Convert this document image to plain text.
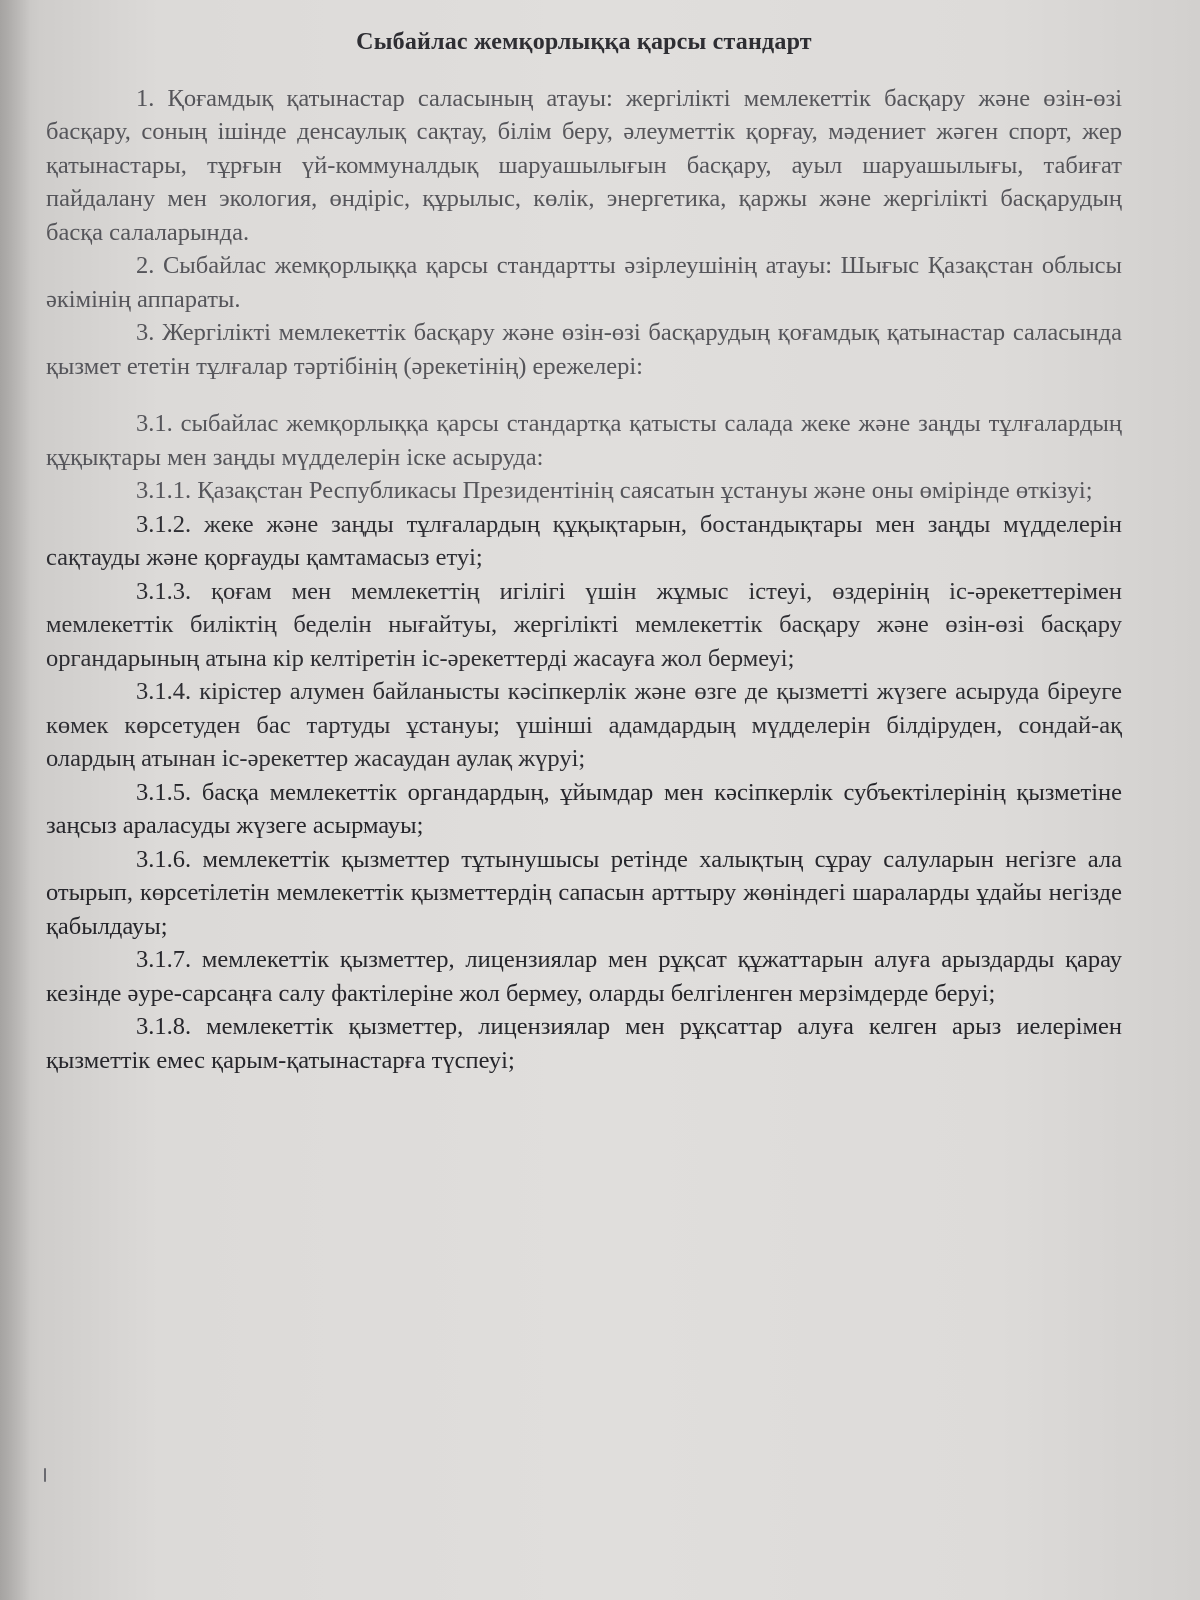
Сыбайлас жемқорлыққа қарсы стандарт

1. Қоғамдық қатынастар саласының атауы: жергілікті мемлекеттік басқару және өзін-өзі басқару, соның ішінде денсаулық сақтау, білім беру, әлеуметтік қорғау, мәдениет жәгeн спорт, жер қатынастары, тұрғын үй-коммуналдық шаруашылығын басқару, ауыл шаруашылығы, табиғат пайдалану мен экология, өндіріс, құрылыс, көлік, энергетика, қаржы және жергілікті басқарудың басқа салаларында.

2. Сыбайлас жемқорлыққа қарсы стандартты әзірлеушінің атауы: Шығыс Қазақстан облысы әкімінің аппараты.

3. Жергілікті мемлекеттік басқару және өзін-өзі басқарудың қоғамдық қатынастар саласында қызмет ететін тұлғалар тәртібінің (әрекетінің) ережелері:

3.1. сыбайлас жемқорлыққа қарсы стандартқа қатысты салада жеке және заңды тұлғалардың құқықтары мен заңды мүдделерін іске асыруда:

3.1.1. Қазақстан Республикасы Президентінің саясатын ұстануы және оны өмірінде өткізуі;

3.1.2. жеке және заңды тұлғалардың құқықтарын, бостандықтары мен заңды мүдделерін сақтауды және қорғауды қамтамасыз етуі;

3.1.3. қоғам мен мемлекеттің игілігі үшін жұмыс істеуі, өздерінің іс-әрекеттерімен мемлекеттік биліктің беделін нығайтуы, жергілікті мемлекеттік басқару және өзін-өзі басқару органдарының атына кір келтіретін іс-әрекеттерді жасауға жол бермеуі;

3.1.4. кірістер алумен байланысты кәсіпкерлік және өзге де қызметті жүзеге асыруда біреуге көмек көрсетуден бас тартуды ұстануы; үшінші адамдардың мүдделерін білдіруден, сондай-ақ олардың атынан іс-әрекеттер жасаудан аулақ жүруі;

3.1.5. басқа мемлекеттік органдардың, ұйымдар мен кәсіпкерлік субъектілерінің қызметіне заңсыз араласуды жүзеге асырмауы;

3.1.6. мемлекеттік қызметтер тұтынушысы ретінде халықтың сұрау салуларын негізге ала отырып, көрсетілетін мемлекеттік қызметтердің сапасын арттыру жөніндегі шараларды ұдайы негізде қабылдауы;

3.1.7. мемлекеттік қызметтер, лицензиялар мен рұқсат құжаттарын алуға арыздарды қарау кезінде әуре-сарсаңға салу фактілеріне жол бермеу, оларды белгіленген мерзімдерде беруі;

3.1.8. мемлекеттік қызметтер, лицензиялар мен рұқсаттар алуға келген арыз иелерімен қызметтік емес қарым-қатынастарға түспеуі;
